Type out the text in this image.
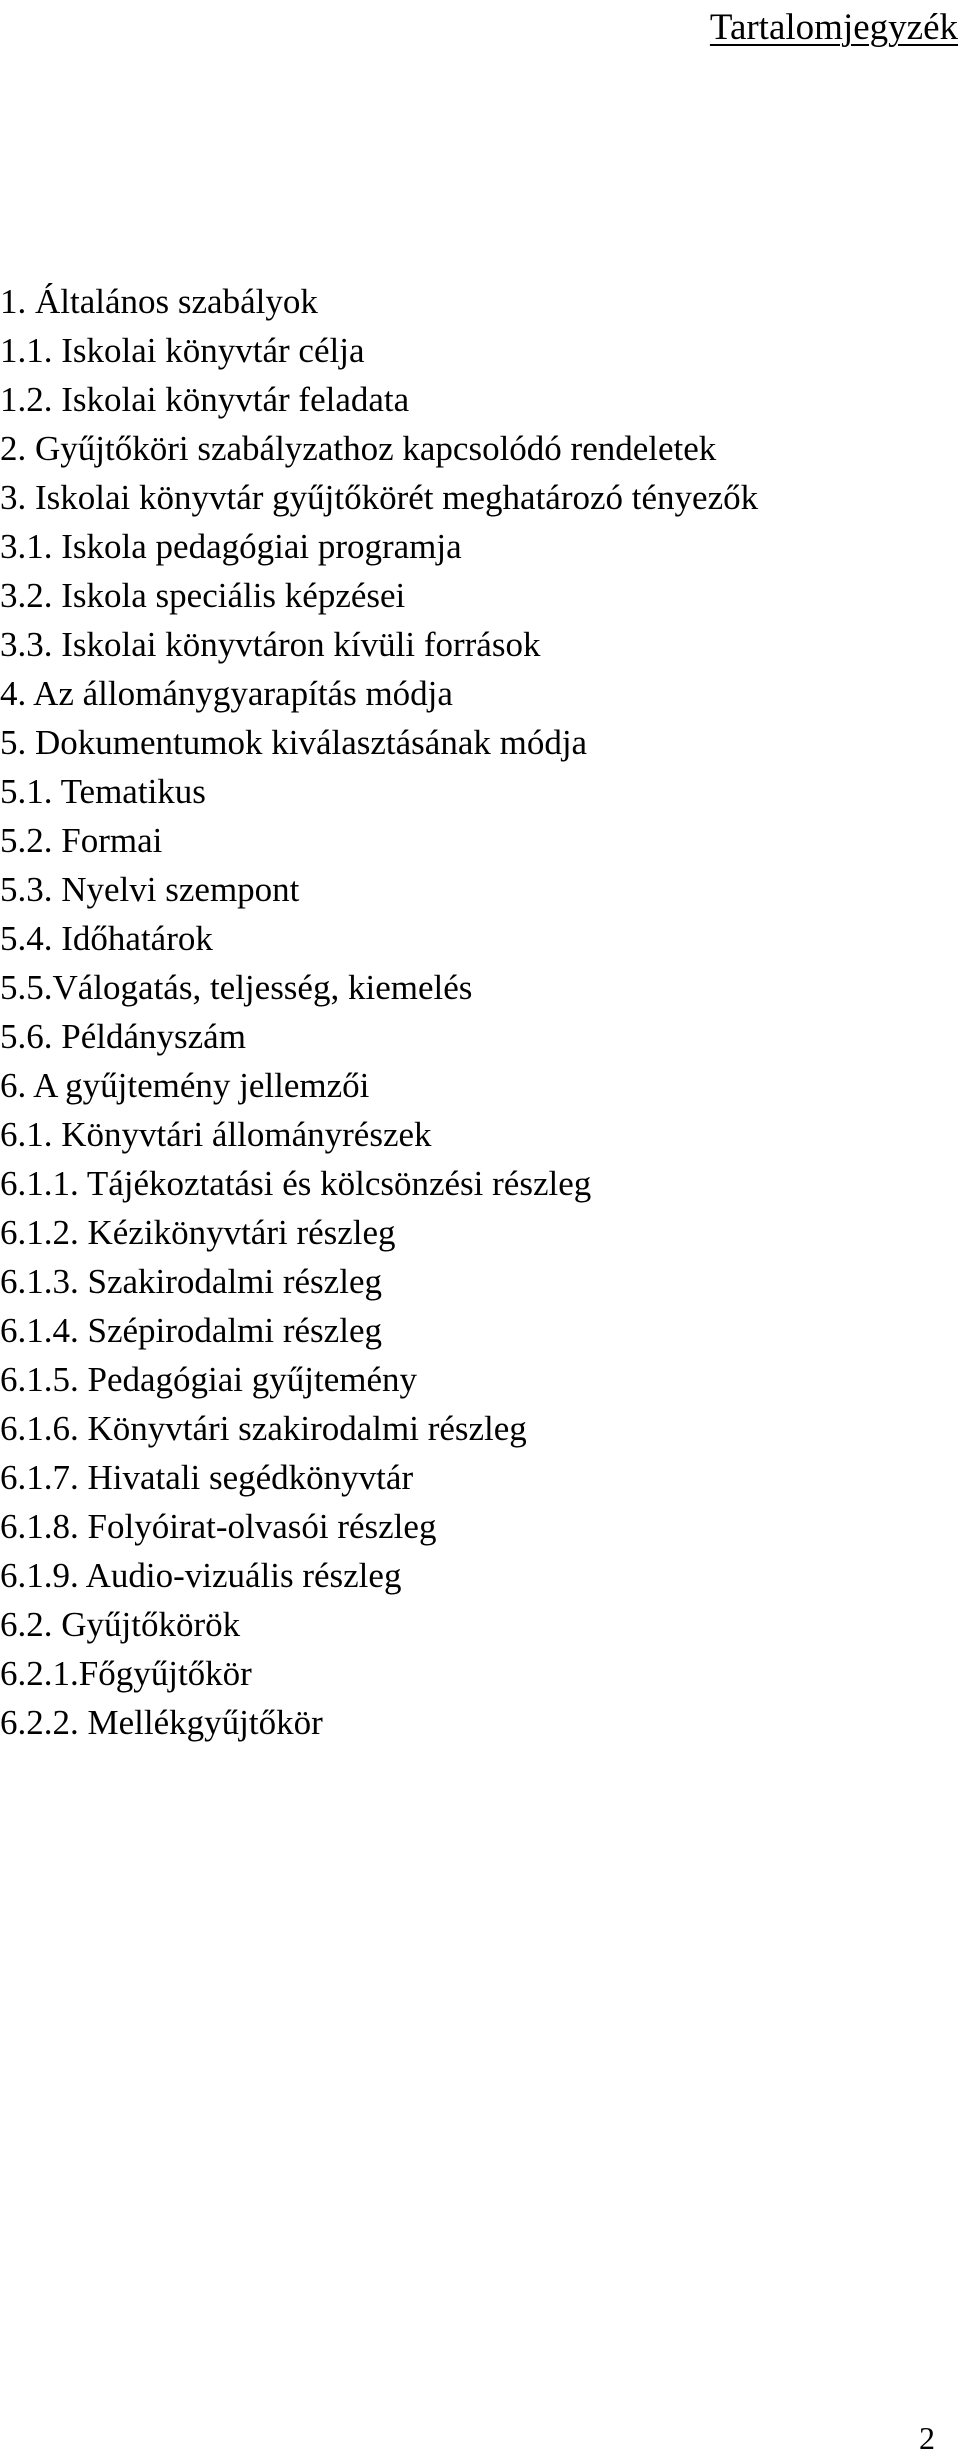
Tartalomjegyzék
1. Általános szabályok
1.1. Iskolai könyvtár célja
1.2. Iskolai könyvtár feladata
2. Gyűjtőköri szabályzathoz kapcsolódó rendeletek
3. Iskolai könyvtár gyűjtőkörét meghatározó tényezők
3.1. Iskola pedagógiai programja
3.2. Iskola speciális képzései
3.3. Iskolai könyvtáron kívüli források
4. Az állománygyarapítás módja
5. Dokumentumok kiválasztásának módja
5.1. Tematikus
5.2. Formai
5.3. Nyelvi szempont
5.4. Időhatárok
5.5.Válogatás, teljesség, kiemelés
5.6. Példányszám
6. A gyűjtemény jellemzői
6.1. Könyvtári állományrészek
6.1.1. Tájékoztatási és kölcsönzési részleg
6.1.2. Kézikönyvtári részleg
6.1.3. Szakirodalmi részleg
6.1.4. Szépirodalmi részleg
6.1.5. Pedagógiai gyűjtemény
6.1.6. Könyvtári szakirodalmi részleg
6.1.7. Hivatali segédkönyvtár
6.1.8. Folyóirat-olvasói részleg
6.1.9. Audio-vizuális részleg
6.2. Gyűjtőkörök
6.2.1.Főgyűjtőkör
6.2.2. Mellékgyűjtőkör
2
